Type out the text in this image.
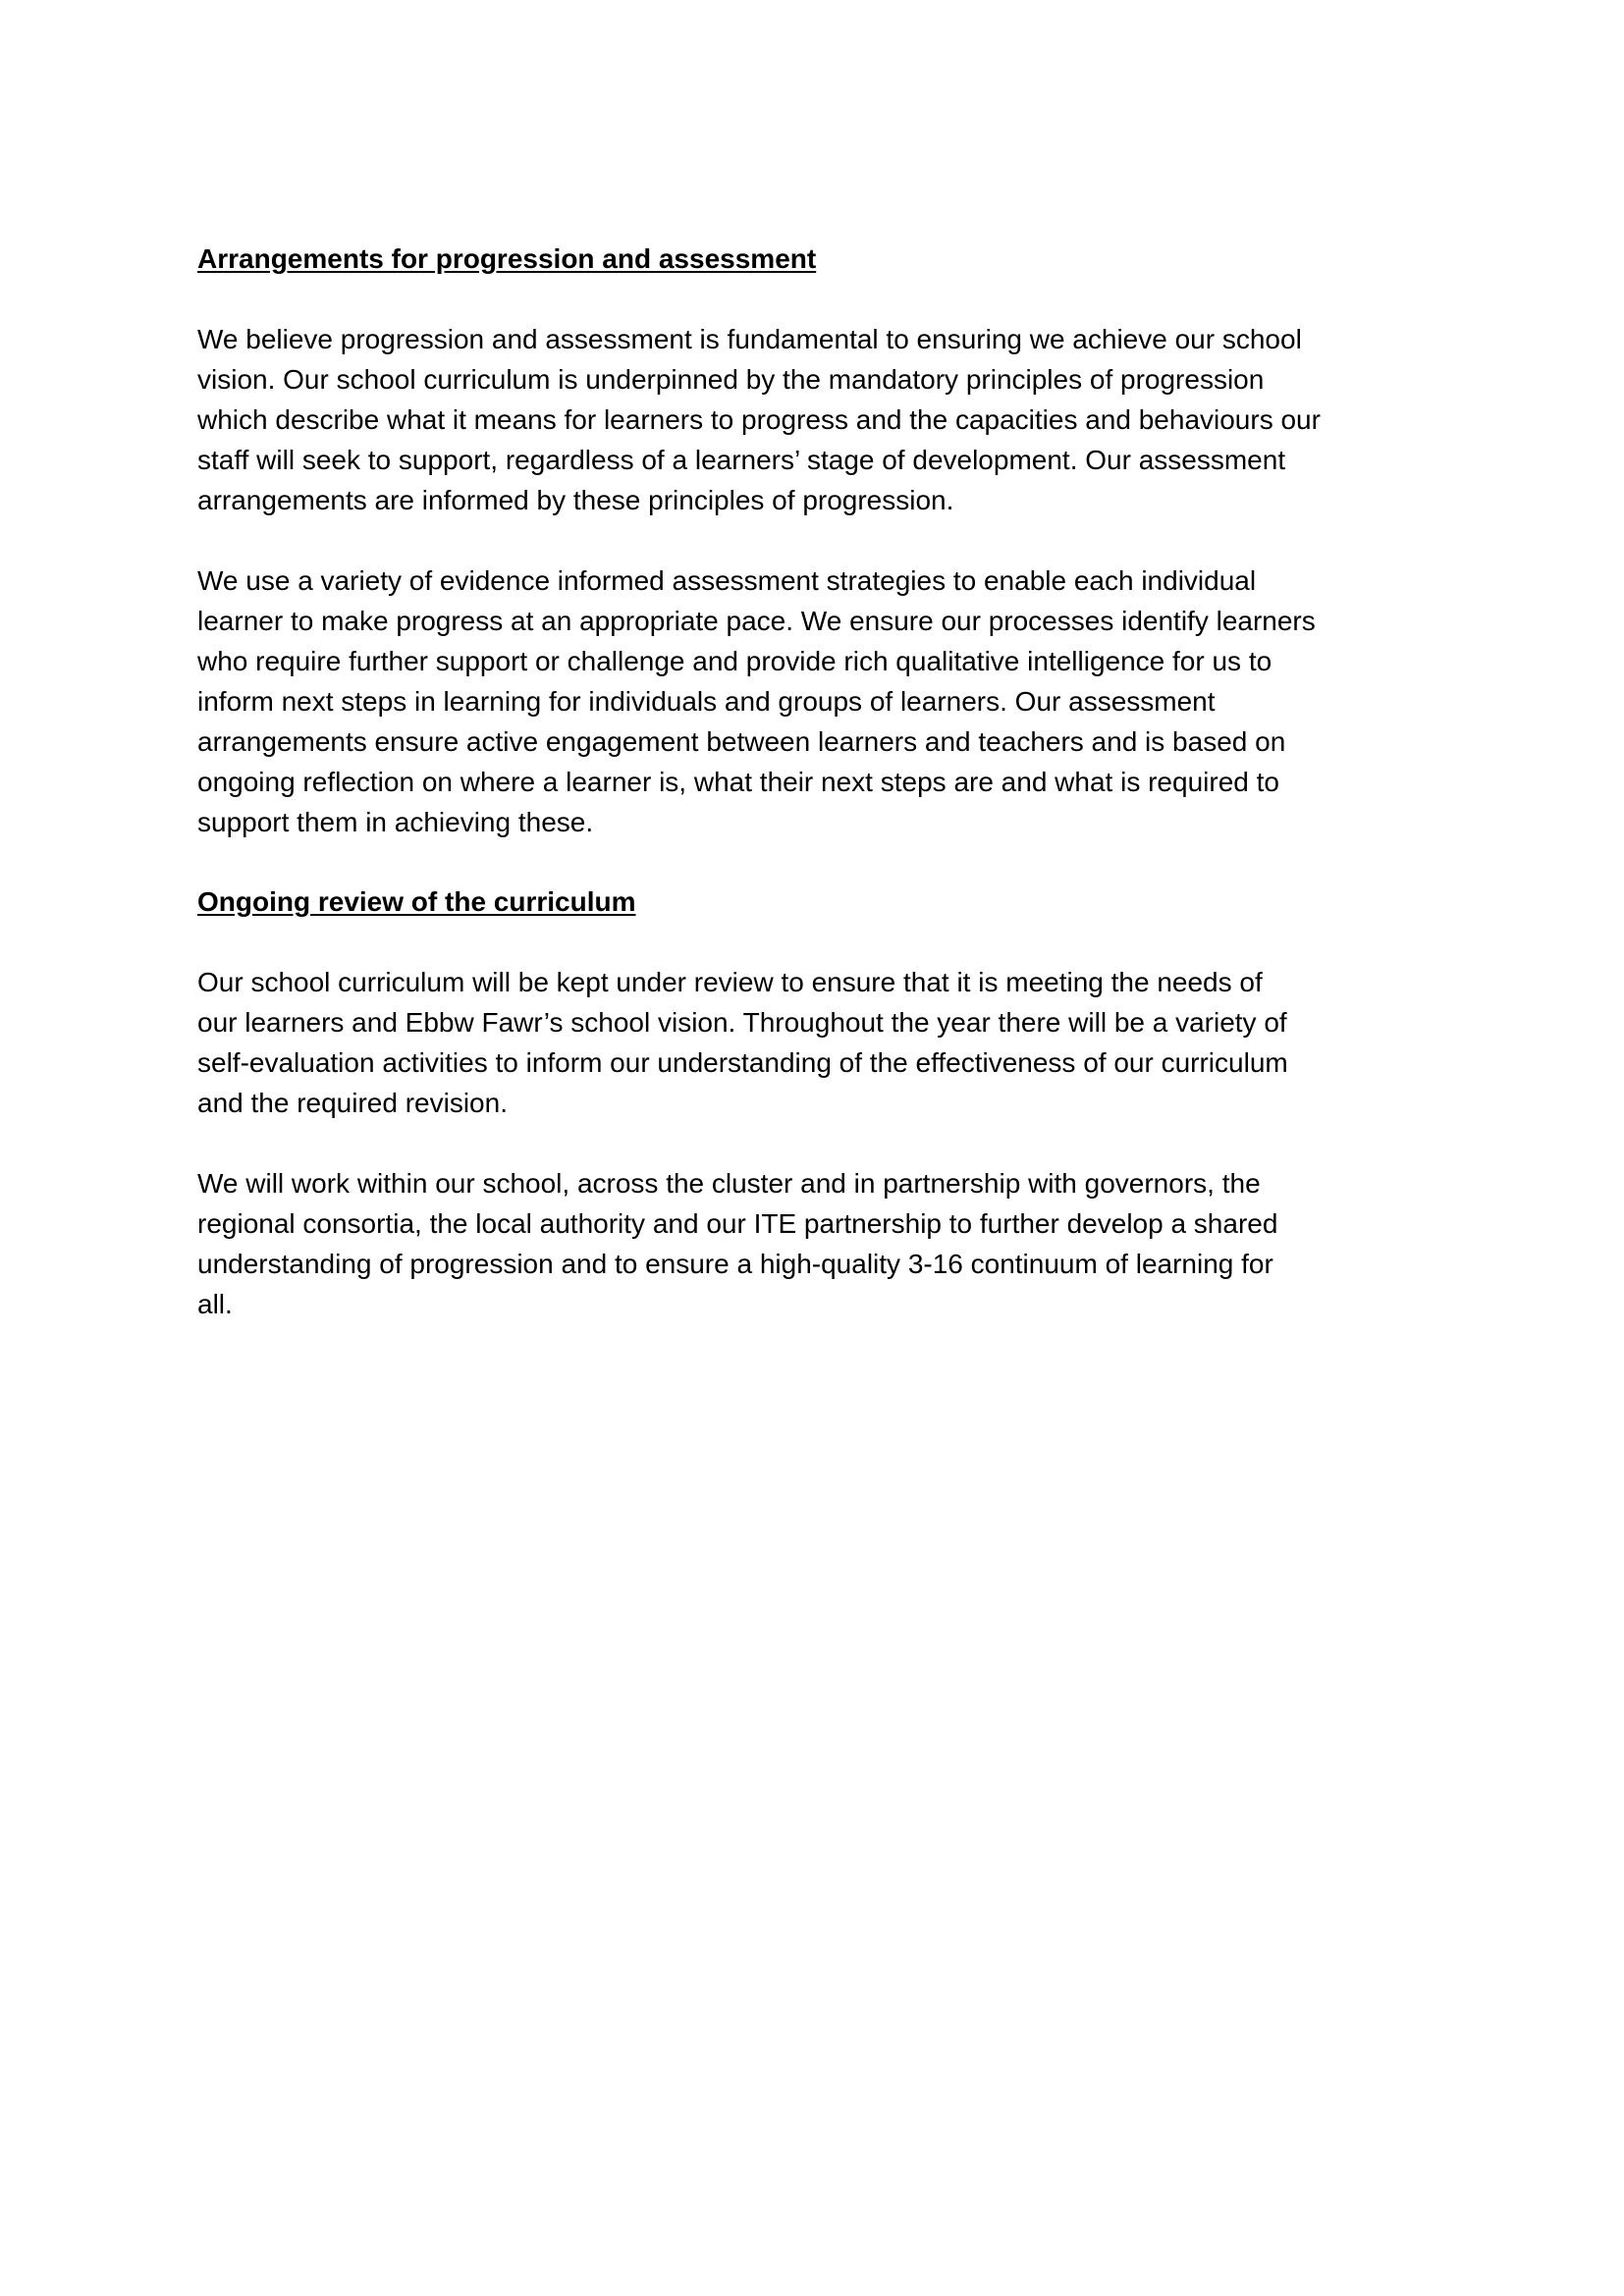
Arrangements for progression and assessment

We believe progression and assessment is fundamental to ensuring we achieve our school
vision. Our school curriculum is underpinned by the mandatory principles of progression
which describe what it means for learners to progress and the capacities and behaviours our
staff will seek to support, regardless of a learners’ stage of development. Our assessment
arrangements are informed by these principles of progression.

We use a variety of evidence informed assessment strategies to enable each individual
learner to make progress at an appropriate pace. We ensure our processes identify learners
who require further support or challenge and provide rich qualitative intelligence for us to
inform next steps in learning for individuals and groups of learners. Our assessment
arrangements ensure active engagement between learners and teachers and is based on
ongoing reflection on where a learner is, what their next steps are and what is required to
support them in achieving these.

Ongoing review of the curriculum

Our school curriculum will be kept under review to ensure that it is meeting the needs of
our learners and Ebbw Fawr’s school vision. Throughout the year there will be a variety of
self-evaluation activities to inform our understanding of the effectiveness of our curriculum
and the required revision.

We will work within our school, across the cluster and in partnership with governors, the
regional consortia, the local authority and our ITE partnership to further develop a shared
understanding of progression and to ensure a high-quality 3-16 continuum of learning for
all.
